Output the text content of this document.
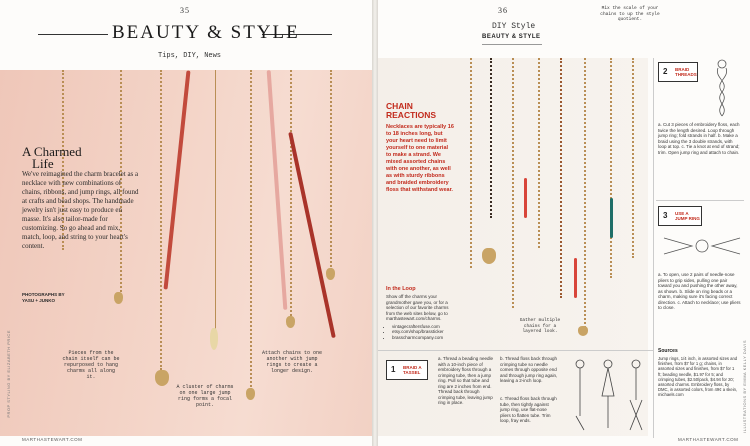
35
BEAUTY & STYLE
Tips, DIY, News
A Charmed
Life
We've reimagined the charm bracelet as a necklace with new combinations of chains, ribbons, and jump rings, all found at crafts and bead shops. The handmade jewelry isn't just easy to produce en masse. It's also tailor-made for customizing. So go ahead and mix, match, loop, and string to your heart's content.
PHOTOGRAPHS BY
YASU + JUNKO
Pieces from the chain itself can be repurposed to hang charms all along it.
A cluster of charms on one large jump ring forms a focal point.
Attach chains to one another with jump rings to create a longer design.
MARTHASTEWART.COM
PROP STYLING BY ELIZABETH PRICE
36
DIY Style
BEAUTY & STYLE
Mix the scale of your chains to up the style quotient.
CHAIN
REACTIONS
Necklaces are typically 16 to 18 inches long, but your heart need to limit yourself to one material to make a strand. We mixed assorted chains with one another, as well as with sturdy ribbons and braided embroidery floss that withstand wear.
In the Loop
Show off the charms your grandmother gave you, or for a selection of our favorite charms from the web sites below, go to marthastewart.com/charms.
• vintagecraftersfuse.com
• etsy.com/shop/brassticker
• brasscharmcompany.com
Gather multiple chains for a layered look.
1 BRAID A TASSEL
a. Thread a beading needle with a 10-inch piece of embroidery floss through a crimping tube, then a jump ring. Pull so that tube and ring are 2 inches from end. Thread back through crimping tube, leaving jump ring in place.
b. Thread floss back through crimping tube so needle comes through opposite end and through jump ring again, leaving a 2-inch loop.
c. Thread floss back through tube, then tightly against jump ring, use flat-nose pliers to flatten tube. Trim loop, fray ends.
2 BRAID THREADS
a. Cut 3 pieces of embroidery floss, each twice the length desired. Loop through jump ring; fold strands in half. b. Make a braid using the 3 double strands, with loop at top. c. Tie a knot at end of strand; trim. Open jump ring and attach to chain.
3 USE A JUMP RING
a. To open, use 2 pairs of needle-nose pliers to grip sides, pulling one pair toward you and pushing the other away, as shown. b. Slide on ring beads or a charm, making sure it's facing correct direction. c. Attach to necklace; use pliers to close.
Sources
Jump rings, 1/4 inch, in assorted sizes and finishes, from $7 for 1 g; chains, in assorted sizes and finishes, from $7 for 1 ft; beading needle, $1.97 for 5; and crimping tubes, $2.50/pack, $4.94 for 20; assorted charms. Embroidery floss, by DMC, in assorted colors, from 49¢ a skein, michaels.com
MARTHASTEWART.COM
ILLUSTRATIONS BY EMMA KELLY DAVIS
